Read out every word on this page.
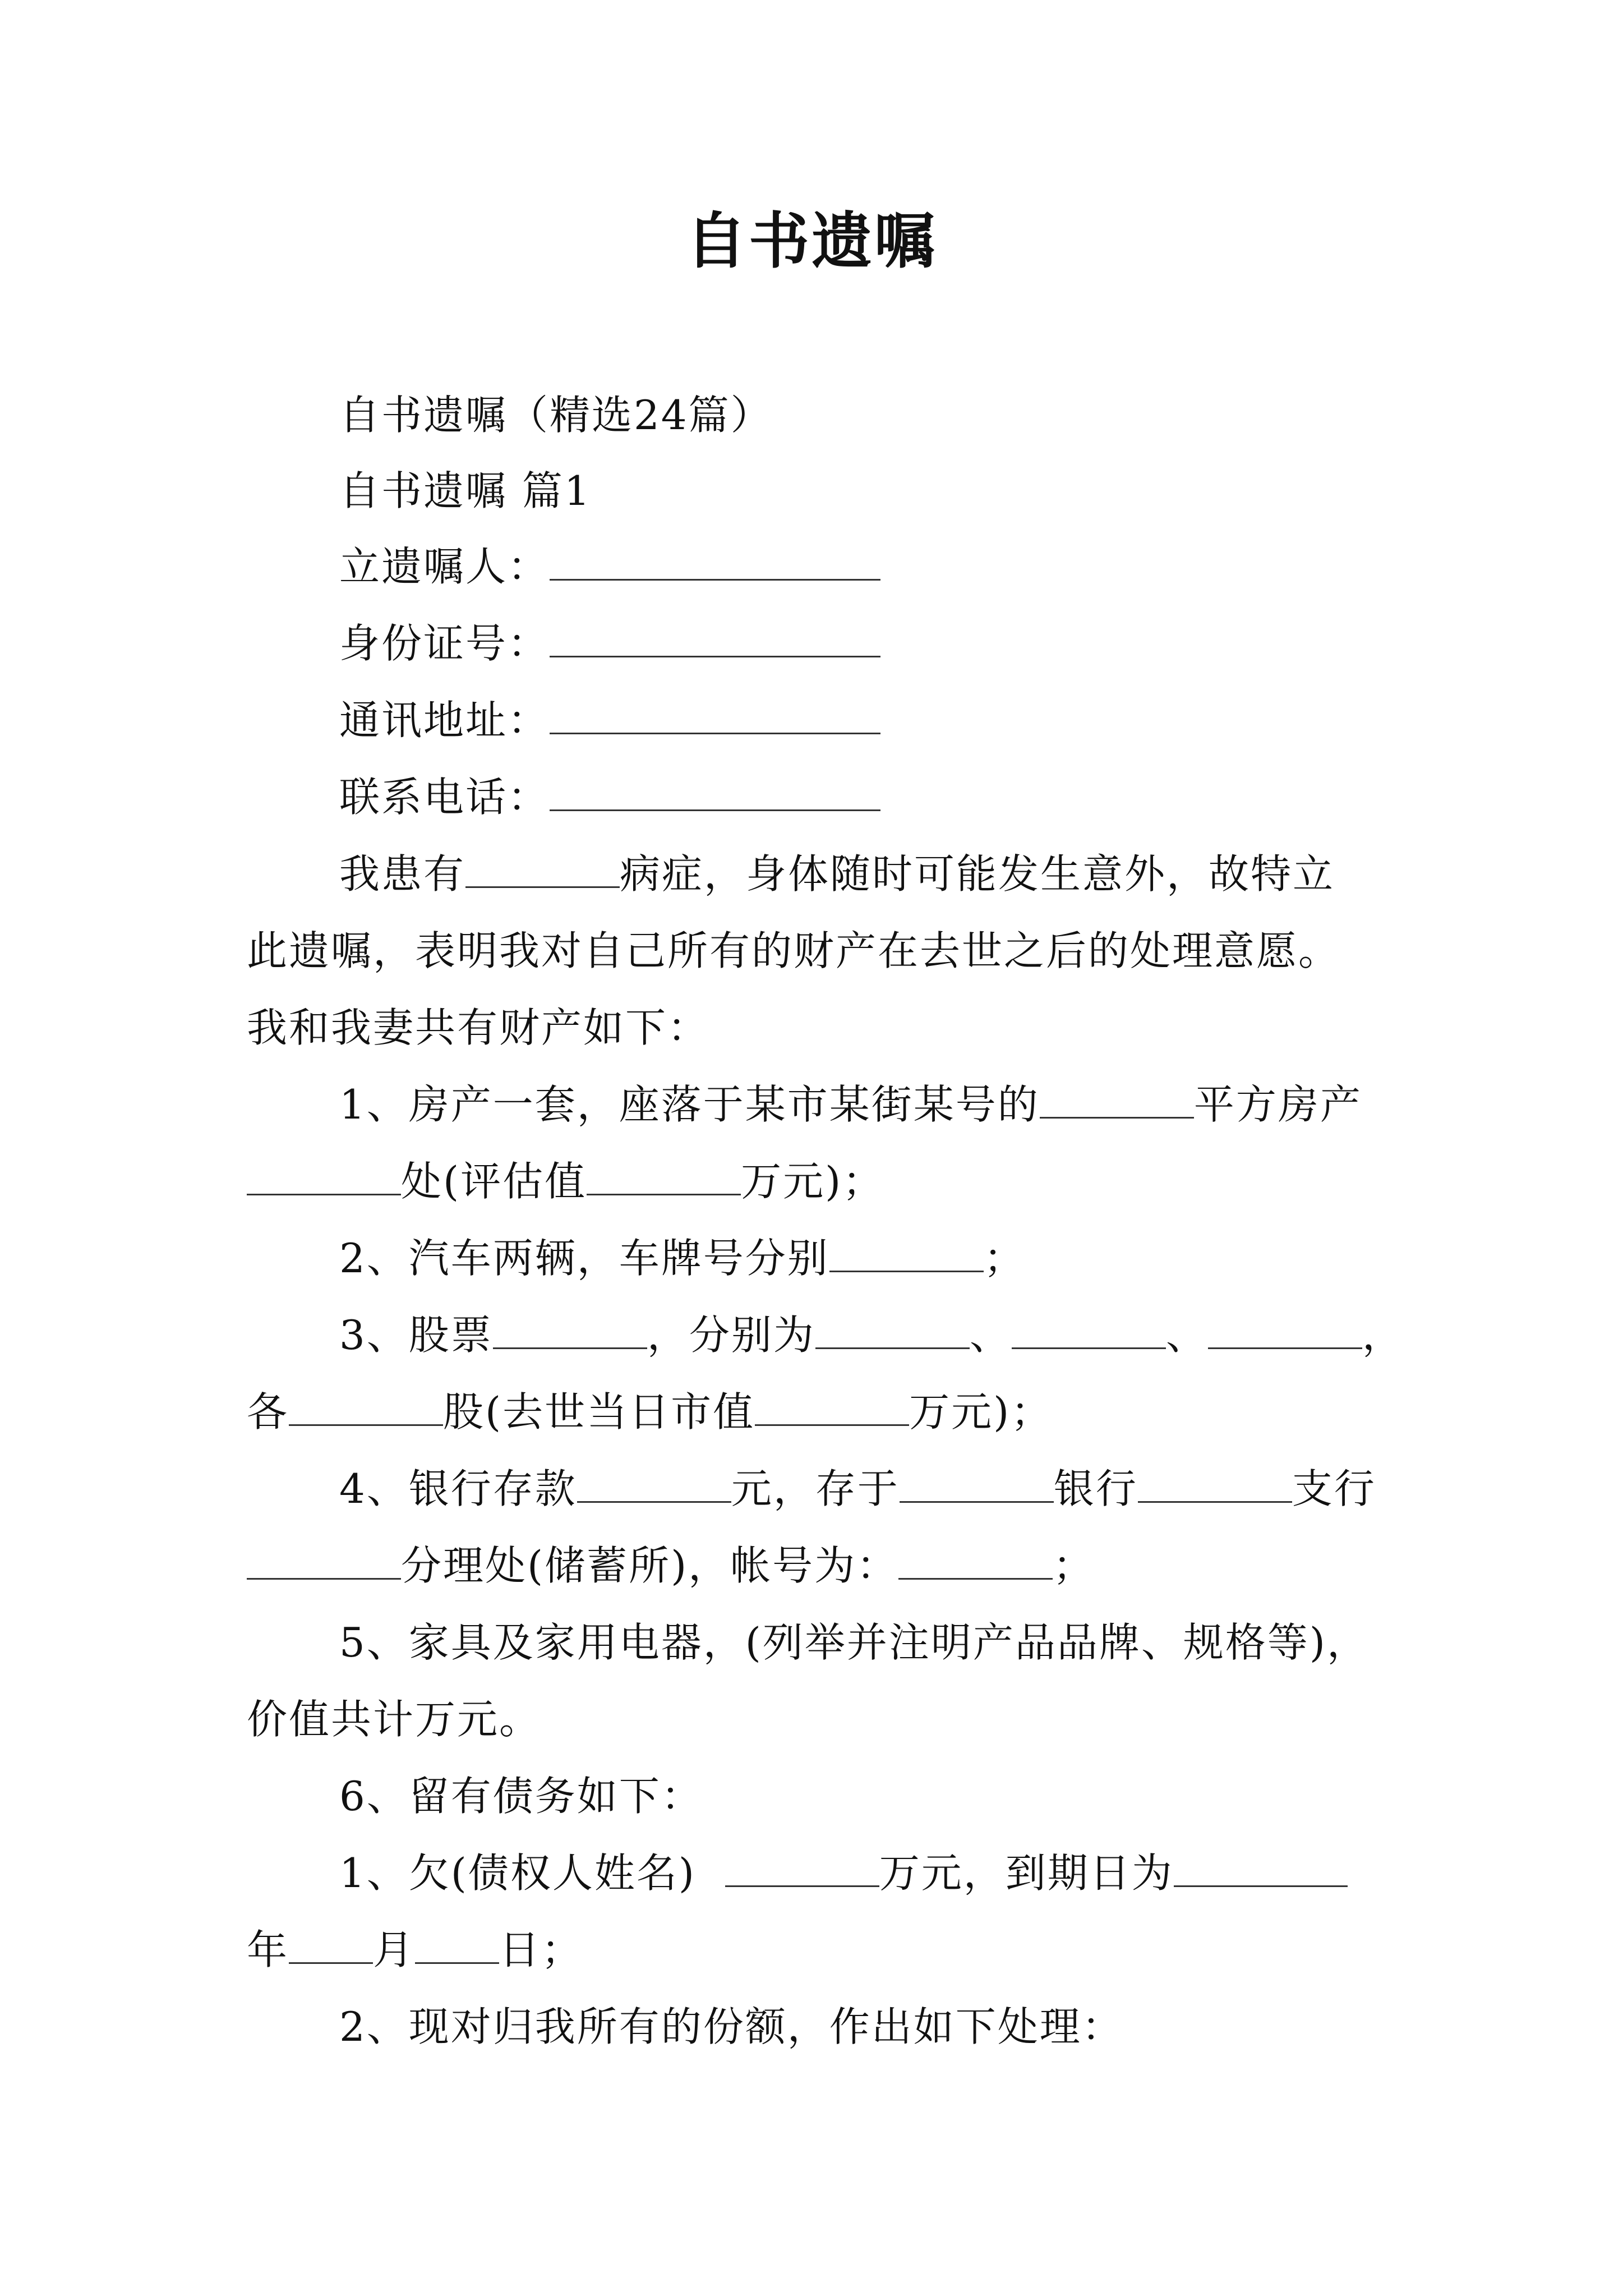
自书遗嘱
自书遗嘱（精选24篇）
自书遗嘱 篇1
立遗嘱人：
身份证号：
通讯地址：
联系电话：
我患有	病症，身体随时可能发生意外，故特立
此遗嘱，表明我对自己所有的财产在去世之后的处理意愿。
我和我妻共有财产如下：
1、房产一套，座落于某市某街某号的	平方房产
处(评估值	万元)；
2、汽车两辆，车牌号分别	；
3、股票	，分别为	、	、	，
各	股(去世当日市值	万元)；
4、银行存款	元，存于	银行	支行
分理处(储蓄所)，帐号为：	；
5、家具及家用电器，(列举并注明产品品牌、规格等)，
价值共计万元。
6、留有债务如下：
1、欠(债权人姓名)	万元，到期日为
年 月 日；
2、现对归我所有的份额，作出如下处理：
